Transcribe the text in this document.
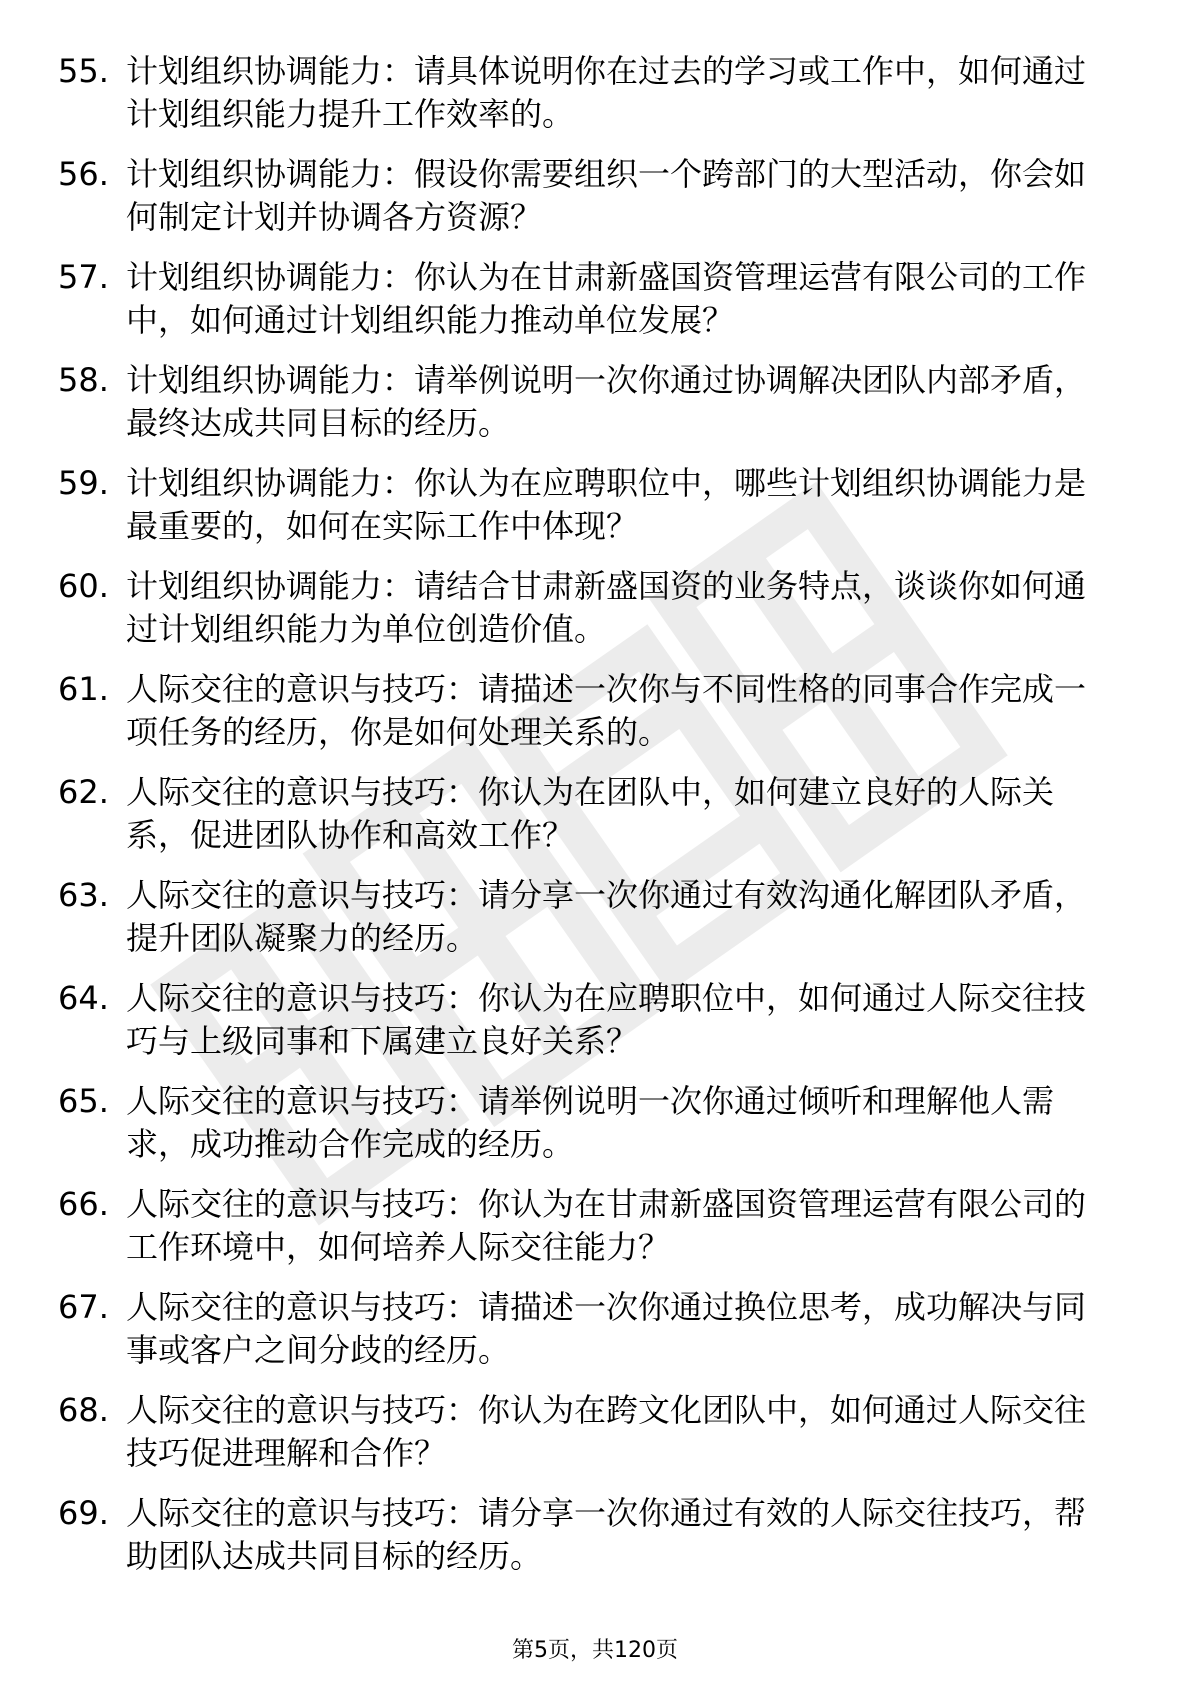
55. 计划组织协调能力：请具体说明你在过去的学习或工作中，如何通过计划组织能力提升工作效率的。
56. 计划组织协调能力：假设你需要组织一个跨部门的大型活动，你会如何制定计划并协调各方资源？
57. 计划组织协调能力：你认为在甘肃新盛国资管理运营有限公司的工作中，如何通过计划组织能力推动单位发展？
58. 计划组织协调能力：请举例说明一次你通过协调解决团队内部矛盾，最终达成共同目标的经历。
59. 计划组织协调能力：你认为在应聘职位中，哪些计划组织协调能力是最重要的，如何在实际工作中体现？
60. 计划组织协调能力：请结合甘肃新盛国资的业务特点，谈谈你如何通过计划组织能力为单位创造价值。
61. 人际交往的意识与技巧：请描述一次你与不同性格的同事合作完成一项任务的经历，你是如何处理关系的。
62. 人际交往的意识与技巧：你认为在团队中，如何建立良好的人际关系，促进团队协作和高效工作？
63. 人际交往的意识与技巧：请分享一次你通过有效沟通化解团队矛盾，提升团队凝聚力的经历。
64. 人际交往的意识与技巧：你认为在应聘职位中，如何通过人际交往技巧与上级同事和下属建立良好关系？
65. 人际交往的意识与技巧：请举例说明一次你通过倾听和理解他人需求，成功推动合作完成的经历。
66. 人际交往的意识与技巧：你认为在甘肃新盛国资管理运营有限公司的工作环境中，如何培养人际交往能力？
67. 人际交往的意识与技巧：请描述一次你通过换位思考，成功解决与同事或客户之间分歧的经历。
68. 人际交往的意识与技巧：你认为在跨文化团队中，如何通过人际交往技巧促进理解和合作？
69. 人际交往的意识与技巧：请分享一次你通过有效的人际交往技巧，帮助团队达成共同目标的经历。
第5页，共120页
